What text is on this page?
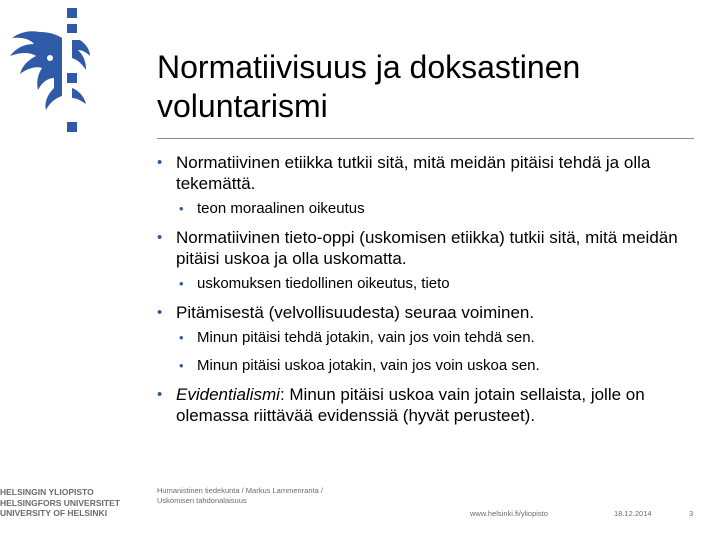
Normatiivisuus ja doksastinen
voluntarismi
• Normatiivinen etiikka tutkii sitä, mitä meidän pitäisi tehdä ja olla tekemättä.
• teon moraalinen oikeutus
• Normatiivinen tieto-oppi (uskomisen etiikka) tutkii sitä, mitä meidän pitäisi uskoa ja olla uskomatta.
• uskomuksen tiedollinen oikeutus, tieto
• Pitämisestä (velvollisuudesta) seuraa voiminen.
• Minun pitäisi tehdä jotakin, vain jos voin tehdä sen.
• Minun pitäisi uskoa jotakin, vain jos voin uskoa sen.
• Evidentialismi: Minun pitäisi uskoa vain jotain sellaista, jolle on olemassa riittävää evidenssiä (hyvät perusteet).
HELSINGIN YLIOPISTO
HELSINGFORS UNIVERSITET
UNIVERSITY OF HELSINKI
Humanistinen tiedekunta / Markus Lammenranta /
Uskomisen tahdonalaisuus
www.helsinki.fi/yliopisto	18.12.2014	3
